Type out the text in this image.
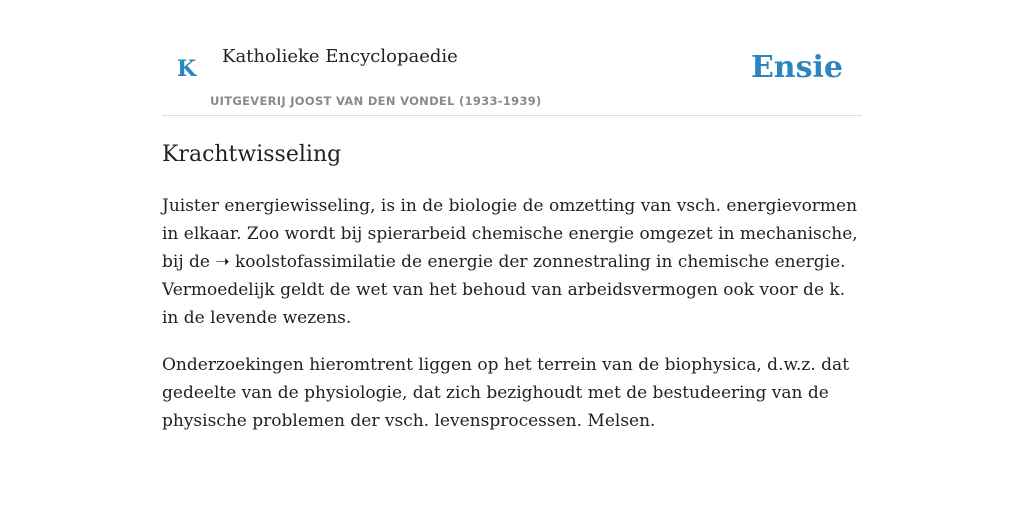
K Katholieke Encyclopaedie
UITGEVERIJ JOOST VAN DEN VONDEL (1933-1939)
Ensie
Krachtwisseling

Juister energiewisseling, is in de biologie de omzetting van vsch. energievormen in elkaar. Zoo wordt bij spierarbeid chemische energie omgezet in mechanische, bij de ➝ koolstofassimilatie de energie der zonnestraling in chemische energie. Vermoedelijk geldt de wet van het behoud van arbeidsvermogen ook voor de k. in de levende wezens.

Onderzoekingen hieromtrent liggen op het terrein van de biophysica, d.w.z. dat gedeelte van de physiologie, dat zich bezighoudt met de bestudeering van de physische problemen der vsch. levensprocessen. Melsen.
